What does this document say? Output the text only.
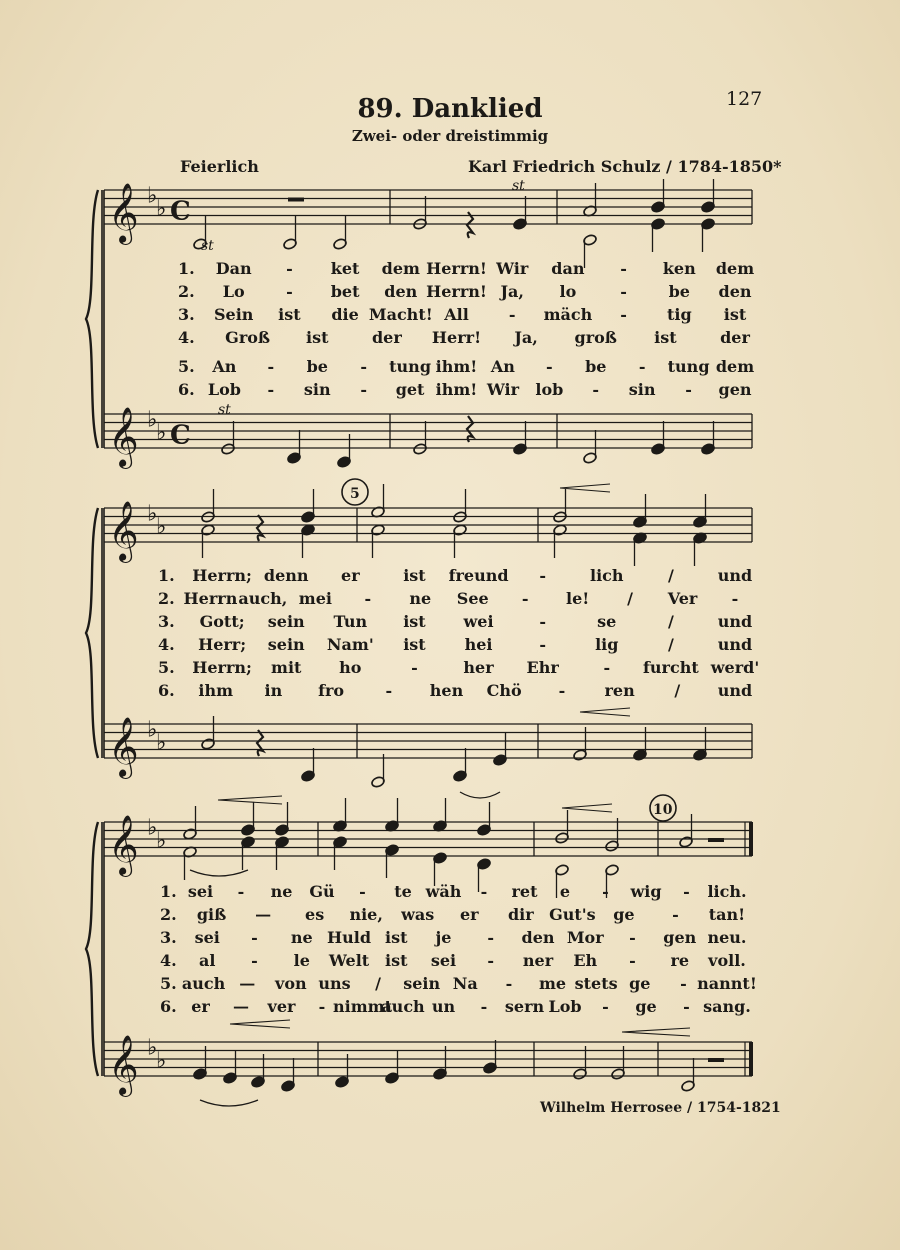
127
89. Danklied
Zwei- oder dreistimmig
Feierlich	Karl Friedrich Schulz / 1784-1850*
𝄞 ♭
♭ C
𝄞 ♭
♭ C
𝄞 ♭
♭
𝄞 ♭
♭
𝄞 ♭
♭
𝄞 ♭
♭
1. Dan - ket dem Herrn! Wir dan - ken dem
2. Lo	- bet den Herrn! Ja, lo	-	be den
3. Sein ist die Macht! All	- mäch -	tig ist
4. Groß ist	der Herr! Ja, groß ist	der
5. An - be - tung ihm! An - be - tung dem
6. Lob - sin - get ihm! Wir lob - sin - gen
1. Herrn; denn er	ist freund -	lich	/	und
2. Herrn auch, mei - ne See - le! / Ver -
3. Gott; sein Tun ist wei	-	se	/	und
4. Herr; sein Nam' ist hei	-	lig	/	und
5. Herrn; mit ho	-	her Ehr	- furcht werd'
6. ihm in fro	- hen Chö - ren / und
1. sei - ne Gü - te wäh - ret e - wig - lich.
2. giß — es nie, was er dir Gut's ge - tan!
3. sei - ne Huld ist je - den Mor - gen neu.
4. al - le Welt ist sei - ner Eh - re voll.
5. auch — von uns / sein Na - me stets ge - nannt!
6. er — ver - nimmt
auch un - sern Lob - ge - sang.
st
st
st
5
10
Wilhelm Herrosee / 1754-1821
